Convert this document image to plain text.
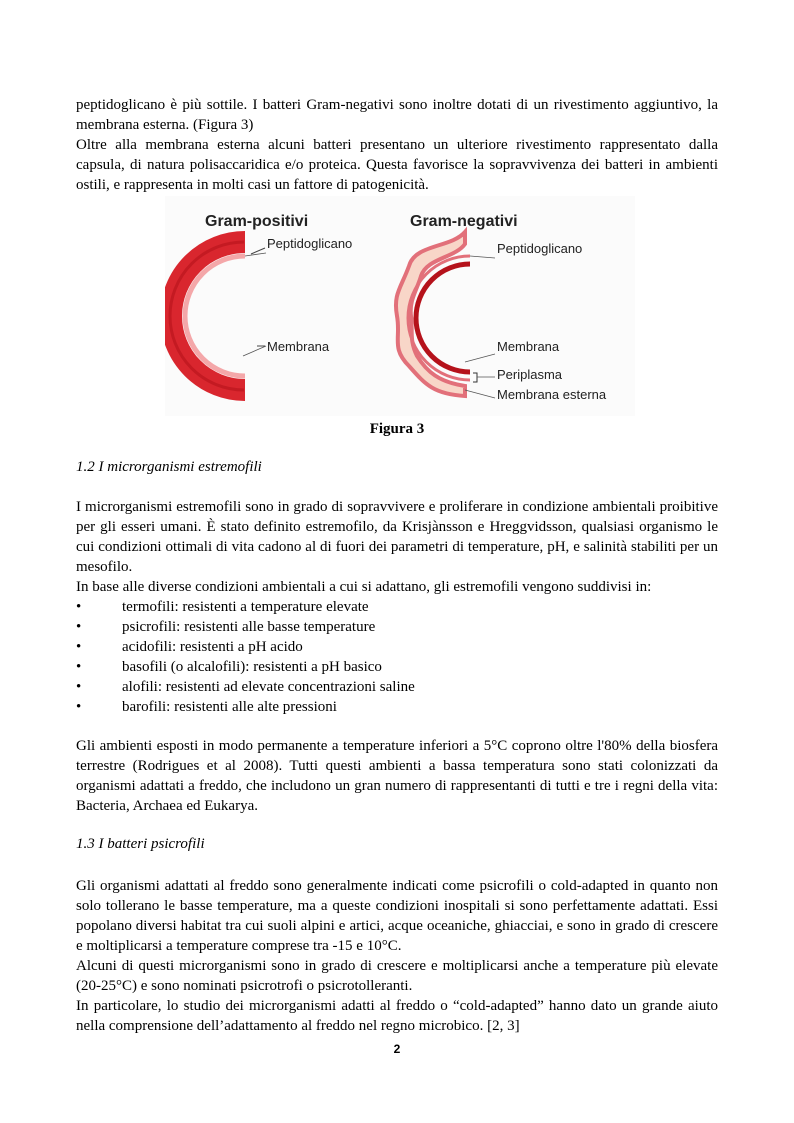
peptidoglicano è più sottile. I batteri Gram-negativi sono inoltre dotati di un rivestimento aggiuntivo, la membrana esterna. (Figura 3)

Oltre alla membrana esterna alcuni batteri presentano un ulteriore rivestimento rappresentato dalla capsula, di natura polisaccaridica e/o proteica. Questa favorisce la sopravvivenza dei batteri in ambienti ostili, e rappresenta in molti casi un fattore di patogenicità.

Gram-positivi
Peptidoglicano
Membrana
Gram-negativi
Peptidoglicano
Membrana
Periplasma
Membrana esterna
Figura 3

1.2 I microrganismi estremofili

I microrganismi estremofili sono in grado di sopravvivere e proliferare in condizione ambientali proibitive per gli esseri umani. È stato definito estremofilo, da Krisjànsson e Hreggvidsson, qualsiasi organismo le cui condizioni ottimali di vita cadono al di fuori dei parametri di temperature, pH, e salinità stabiliti per un mesofilo.

In base alle diverse condizioni ambientali a cui si adattano, gli estremofili vengono suddivisi in:

•	termofili: resistenti a temperature elevate
•	psicrofili: resistenti alle basse temperature
•	acidofili: resistenti a pH acido
•	basofili (o alcalofili): resistenti a pH basico
•	alofili: resistenti ad elevate concentrazioni saline
•	barofili: resistenti alle alte pressioni

Gli ambienti esposti in modo permanente a temperature inferiori a 5°C coprono oltre l'80% della biosfera terrestre (Rodrigues et al 2008). Tutti questi ambienti a bassa temperatura sono stati colonizzati da organismi adattati a freddo, che includono un gran numero di rappresentanti di tutti e tre i regni della vita: Bacteria, Archaea ed Eukarya.

1.3 I batteri psicrofili

Gli organismi adattati al freddo sono generalmente indicati come psicrofili o cold-adapted in quanto non solo tollerano le basse temperature, ma a queste condizioni inospitali si sono perfettamente adattati. Essi popolano diversi habitat tra cui suoli alpini e artici, acque oceaniche, ghiacciai, e sono in grado di crescere e moltiplicarsi a temperature comprese tra -15 e 10°C.

Alcuni di questi microrganismi sono in grado di crescere e moltiplicarsi anche a temperature più elevate (20-25°C) e sono nominati psicrotrofi o psicrotolleranti.

In particolare, lo studio dei microrganismi adatti al freddo o “cold-adapted” hanno dato un grande aiuto nella comprensione dell’adattamento al freddo nel regno microbico. [2, 3]

2
